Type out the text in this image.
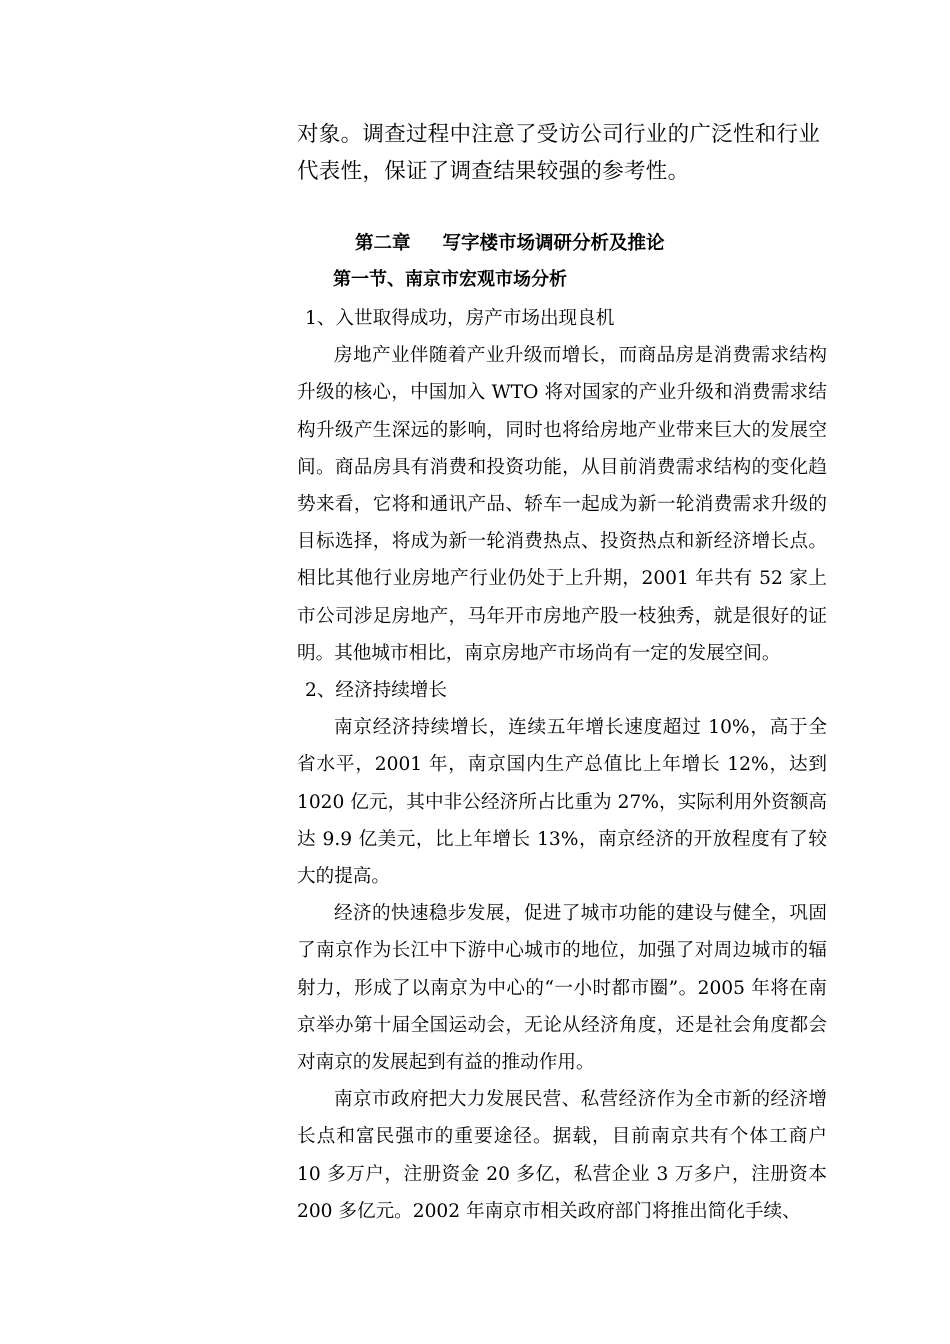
对象。调查过程中注意了受访公司行业的广泛性和行业代表性，保证了调查结果较强的参考性。

第二章 写字楼市场调研分析及推论
第一节、南京市宏观市场分析

1、入世取得成功，房产市场出现良机

房地产业伴随着产业升级而增长，而商品房是消费需求结构升级的核心，中国加入 WTO 将对国家的产业升级和消费需求结构升级产生深远的影响，同时也将给房地产业带来巨大的发展空间。商品房具有消费和投资功能，从目前消费需求结构的变化趋势来看，它将和通讯产品、轿车一起成为新一轮消费需求升级的目标选择，将成为新一轮消费热点、投资热点和新经济增长点。相比其他行业房地产行业仍处于上升期，2001 年共有 52 家上市公司涉足房地产，马年开市房地产股一枝独秀，就是很好的证明。其他城市相比，南京房地产市场尚有一定的发展空间。

2、经济持续增长

南京经济持续增长，连续五年增长速度超过 10%，高于全省水平，2001 年，南京国内生产总值比上年增长 12%，达到 1020 亿元，其中非公经济所占比重为 27%，实际利用外资额高达 9.9 亿美元，比上年增长 13%，南京经济的开放程度有了较大的提高。

经济的快速稳步发展，促进了城市功能的建设与健全，巩固了南京作为长江中下游中心城市的地位，加强了对周边城市的辐射力，形成了以南京为中心的“一小时都市圈”。2005 年将在南京举办第十届全国运动会，无论从经济角度，还是社会角度都会对南京的发展起到有益的推动作用。

南京市政府把大力发展民营、私营经济作为全市新的经济增长点和富民强市的重要途径。据载，目前南京共有个体工商户 10 多万户，注册资金 20 多亿，私营企业 3 万多户，注册资本 200 多亿元。2002 年南京市相关政府部门将推出简化手续、
